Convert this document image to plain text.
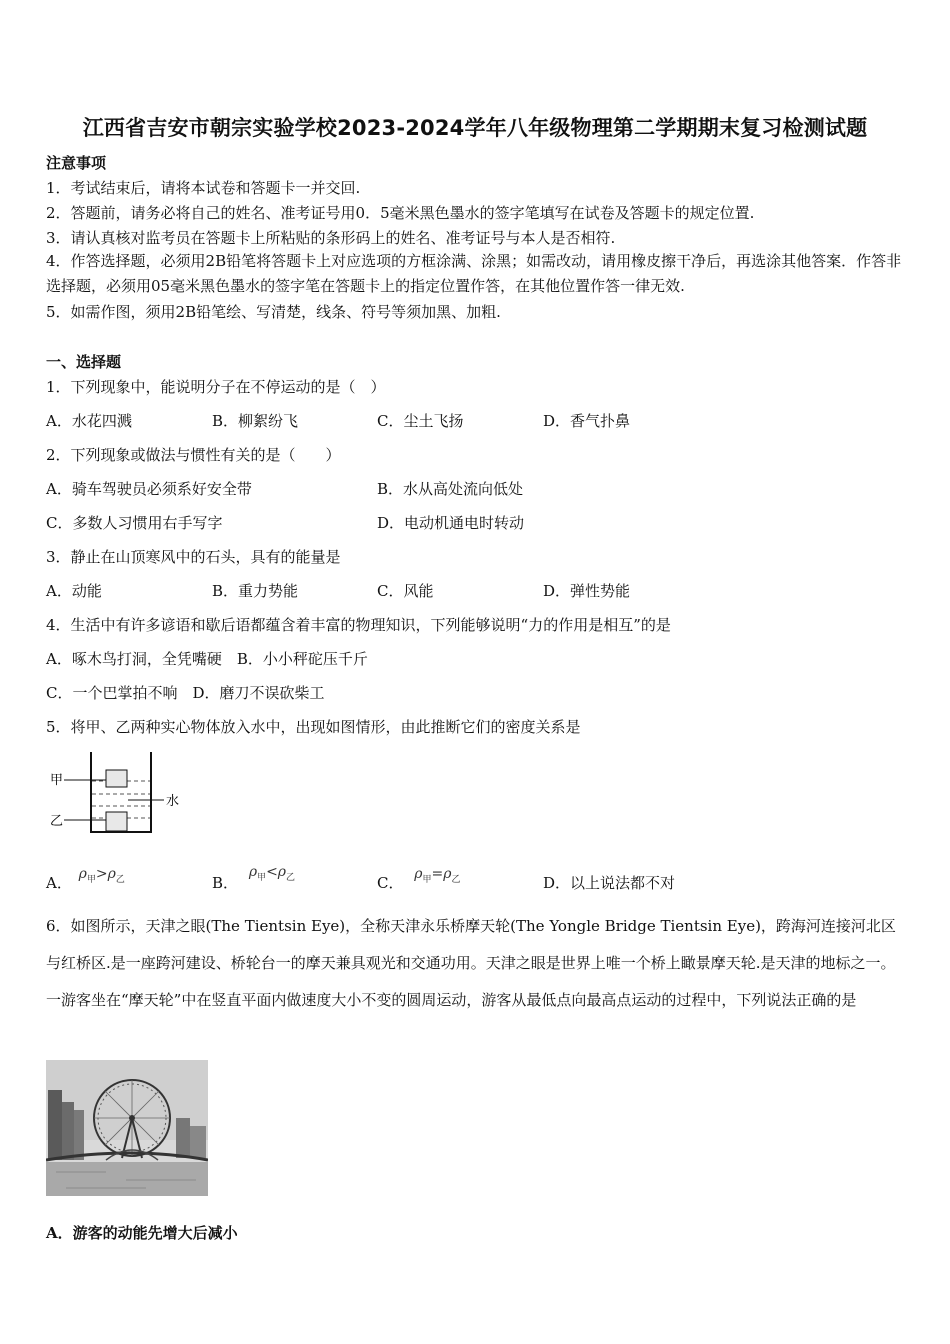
江西省吉安市朝宗实验学校2023-2024学年八年级物理第二学期期末复习检测试题
注意事项
1．考试结束后，请将本试卷和答题卡一并交回.
2．答题前，请务必将自己的姓名、准考证号用0．5毫米黑色墨水的签字笔填写在试卷及答题卡的规定位置.
3．请认真核对监考员在答题卡上所粘贴的条形码上的姓名、准考证号与本人是否相符.
4．作答选择题，必须用2B铅笔将答题卡上对应选项的方框涂满、涂黑；如需改动，请用橡皮擦干净后，再选涂其他答案．作答非选择题，必须用05毫米黑色墨水的签字笔在答题卡上的指定位置作答，在其他位置作答一律无效.
5．如需作图，须用2B铅笔绘、写清楚，线条、符号等须加黑、加粗.
一、选择题
1．下列现象中，能说明分子在不停运动的是（　）
A．水花四溅	B．柳絮纷飞	C．尘土飞扬	D．香气扑鼻
2．下列现象或做法与惯性有关的是（　　）
A．骑车驾驶员必须系好安全带	B．水从高处流向低处
C．多数人习惯用右手写字	D．电动机通电时转动
3．静止在山顶寒风中的石头，具有的能量是
A．动能	B．重力势能	C．风能	D．弹性势能
4．生活中有许多谚语和歇后语都蕴含着丰富的物理知识，下列能够说明“力的作用是相互”的是
A．啄木鸟打洞，全凭嘴硬　B．小小秤砣压千斤
C．一个巴掌拍不响　D．磨刀不误砍柴工
5．将甲、乙两种实心物体放入水中，出现如图情形，由此推断它们的密度关系是
甲
乙
水
A． $\rho_甲>\rho_乙$	B． $\rho_甲<\rho_乙$	C． $\rho_甲=\rho_乙$	D．以上说法都不对
6．如图所示，天津之眼(The Tientsin Eye)，全称天津永乐桥摩天轮(The Yongle Bridge Tientsin Eye)，跨海河连接河北区与红桥区.是一座跨河建设、桥轮台一的摩天兼具观光和交通功用。天津之眼是世界上唯一个桥上瞰景摩天轮.是天津的地标之一。一游客坐在“摩天轮”中在竖直平面内做速度大小不变的圆周运动，游客从最低点向最高点运动的过程中，下列说法正确的是
A．游客的动能先增大后减小
